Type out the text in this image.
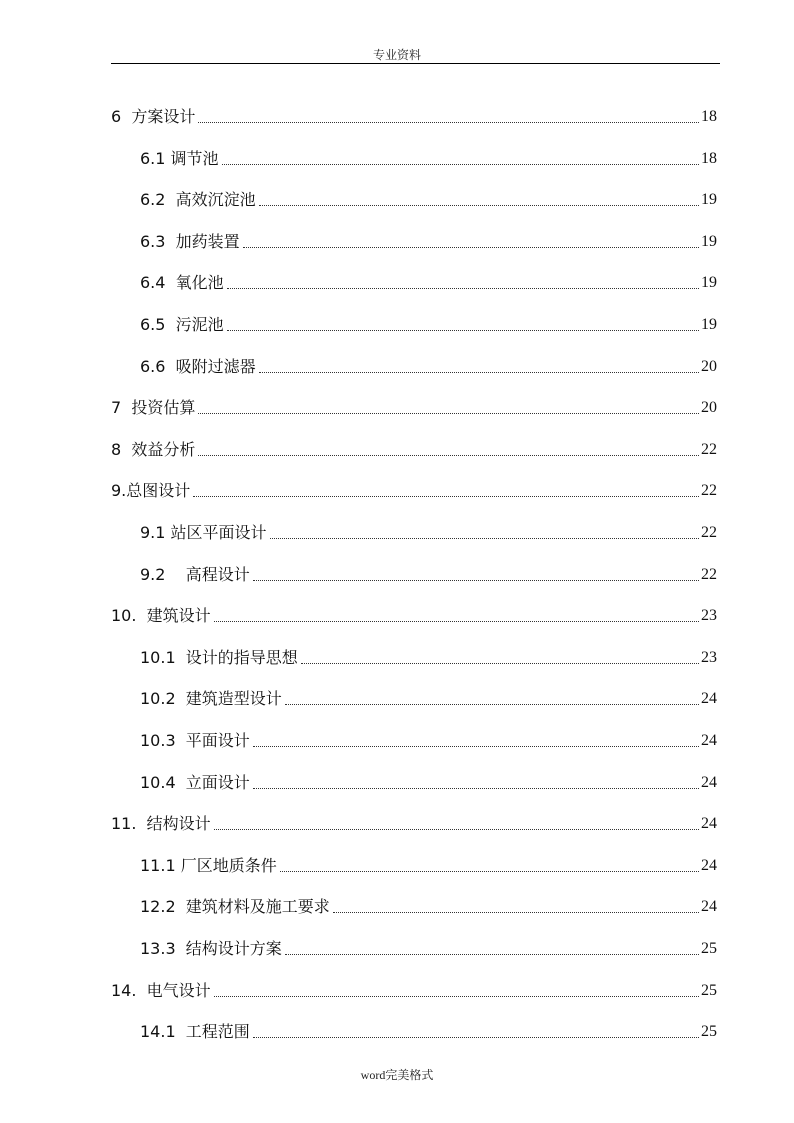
专业资料
6  方案设计	18
6.1 调节池	18
6.2  高效沉淀池	19
6.3  加药装置	19
6.4  氧化池	19
6.5  污泥池	19
6.6  吸附过滤器	20
7  投资估算	20
8  效益分析	22
9.总图设计	22
9.1 站区平面设计	22
9.2    高程设计	22
10.  建筑设计	23
10.1  设计的指导思想	23
10.2  建筑造型设计	24
10.3  平面设计	24
10.4  立面设计	24
11.  结构设计	24
11.1 厂区地质条件	24
12.2  建筑材料及施工要求	24
13.3  结构设计方案	25
14.  电气设计	25
14.1  工程范围	25
word完美格式
